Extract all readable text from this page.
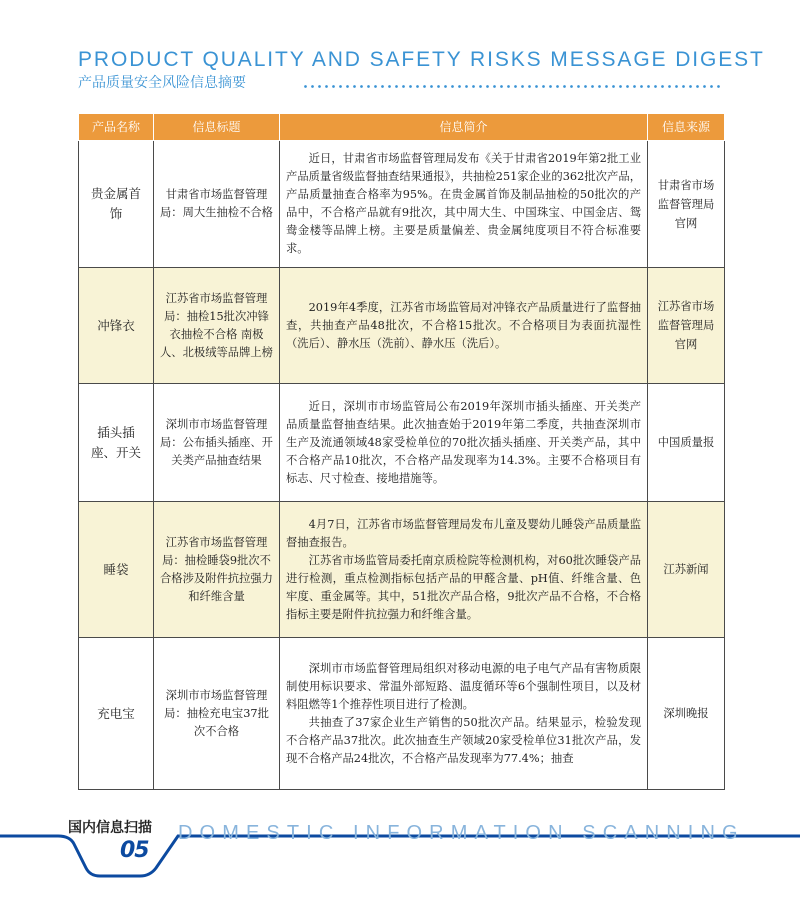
PRODUCT QUALITY AND SAFETY RISKS MESSAGE DIGEST
产品质量安全风险信息摘要
产品名称	信息标题	信息简介	信息来源
贵金属首饰	甘肃省市场监督管理局：周大生抽检不合格	近日，甘肃省市场监督管理局发布《关于甘肃省2019年第2批工业产品质量省级监督抽查结果通报》，共抽检251家企业的362批次产品，产品质量抽查合格率为95%。在贵金属首饰及制品抽检的50批次的产品中，不合格产品就有9批次，其中周大生、中国珠宝、中国金店、鸳鸯金楼等品牌上榜。主要是质量偏差、贵金属纯度项目不符合标准要求。	甘肃省市场监督管理局官网
冲锋衣	江苏省市场监督管理局：抽检15批次冲锋衣抽检不合格 南极人、北极绒等品牌上榜	2019年4季度，江苏省市场监管局对冲锋衣产品质量进行了监督抽查，共抽查产品48批次，不合格15批次。不合格项目为表面抗湿性（洗后）、静水压（洗前）、静水压（洗后）。	江苏省市场监督管理局官网
插头插座、开关	深圳市市场监督管理局：公布插头插座、开关类产品抽查结果	近日，深圳市市场监管局公布2019年深圳市插头插座、开关类产品质量监督抽查结果。此次抽查始于2019年第二季度，共抽查深圳市生产及流通领域48家受检单位的70批次插头插座、开关类产品，其中不合格产品10批次，不合格产品发现率为14.3%。主要不合格项目有标志、尺寸检查、接地措施等。	中国质量报
睡袋	江苏省市场监督管理局：抽检睡袋9批次不合格涉及附件抗拉强力和纤维含量	4月7日，江苏省市场监督管理局发布儿童及婴幼儿睡袋产品质量监督抽查报告。

江苏省市场监管局委托南京质检院等检测机构，对60批次睡袋产品进行检测，重点检测指标包括产品的甲醛含量、pH值、纤维含量、色牢度、重金属等。其中，51批次产品合格，9批次产品不合格，不合格指标主要是附件抗拉强力和纤维含量。	江苏新闻
充电宝	深圳市市场监督管理局：抽检充电宝37批次不合格	深圳市市场监督管理局组织对移动电源的电子电气产品有害物质限制使用标识要求、常温外部短路、温度循环等6个强制性项目，以及材料阻燃等1个推荐性项目进行了检测。

共抽查了37家企业生产销售的50批次产品。结果显示，检验发现不合格产品37批次。此次抽查生产领域20家受检单位31批次产品，发现不合格产品24批次，不合格产品发现率为77.4%；抽查	深圳晚报
国内信息扫描
05
DOMESTIC INFORMATION SCANNING
